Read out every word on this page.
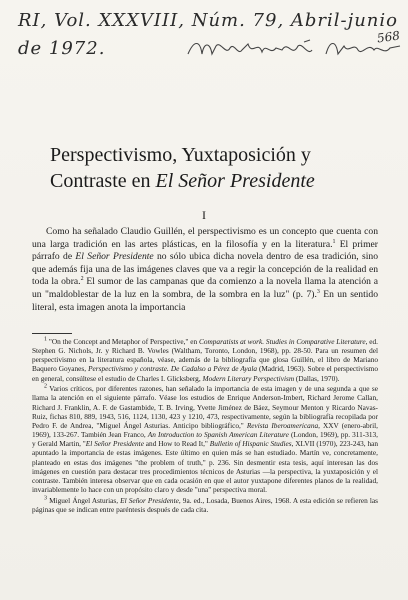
RI, Vol. XXXVIII, Núm. 79, Abril-junio
568
de 1972.

Perspectivismo, Yuxtaposición y

Contraste en El Señor Presidente

I

Como ha señalado Claudio Guillén, el perspectivismo es un concepto que cuenta con una larga tradición en las artes plásticas, en la filosofía y en la literatura.$^1$ El primer párrafo de El Señor Presidente no sólo ubica dicha novela dentro de esa tradición, sino que además fija una de las imágenes claves que va a regir la concepción de la realidad en toda la obra.$^2$ El sumor de las campanas que da comienzo a la novela llama la atención a un "maldoblestar de la luz en la sombra, de la sombra en la luz" (p. 7).$^3$ En un sentido literal, esta imagen anota la importancia

$^1$ "On the Concept and Metaphor of Perspective," en Comparatists at work. Studies in Comparative Literature, ed. Stephen G. Nichols, Jr. y Richard B. Vowles (Waltham, Toronto, London, 1968), pp. 28-50. Para un resumen del perspectivismo en la literatura española, véase, además de la bibliografía que glosa Guillén, el libro de Mariano Baquero Goyanes, Perspectivismo y contraste. De Cadalso a Pérez de Ayala (Madrid, 1963). Sobre el perspectivismo en general, consúltese el estudio de Charles I. Glicksberg, Modern Literary Perspectivism (Dallas, 1970).

$^2$ Varios críticos, por diferentes razones, han señalado la importancia de esta imagen y de una segunda a que se llama la atención en el siguiente párrafo. Véase los estudios de Enrique Anderson-Imbert, Richard Jerome Callan, Richard J. Franklin, A. F. de Gastambide, T. B. Irving, Yvette Jiménez de Báez, Seymour Menton y Ricardo Navas-Ruiz, fichas 810, 889, 1943, 516, 1124, 1130, 423 y 1210, 473, respectivamente, según la bibliografía recopilada por Pedro F. de Andrea, "Miguel Ángel Asturias. Anticipo bibliográfico," Revista Iberoamericana, XXV (enero-abril, 1969), 133-267. También Jean Franco, An Introduction to Spanish American Literature (London, 1969), pp. 311-313, y Gerald Martin, "El Señor Presidente and How to Read It," Bulletin of Hispanic Studies, XLVII (1970), 223-243, han apuntado la importancia de estas imágenes. Este último en quien más se han estudiado. Martín ve, concretamente, planteado en estas dos imágenes "the problem of truth," p. 236. Sin desmentir esta tesis, aquí interesan las dos imágenes en cuestión para destacar tres procedimientos técnicos de Asturias —la perspectiva, la yuxtaposición y el contraste. También interesa observar que en cada ocasión en que el autor yuxtapone diferentes planos de la realidad, invariablemente lo hace con un propósito claro y desde "una" perspectiva moral.

$^3$ Miguel Ángel Asturias, El Señor Presidente, 9a. ed., Losada, Buenos Aires, 1968. A esta edición se refieren las páginas que se indican entre paréntesis después de cada cita.
